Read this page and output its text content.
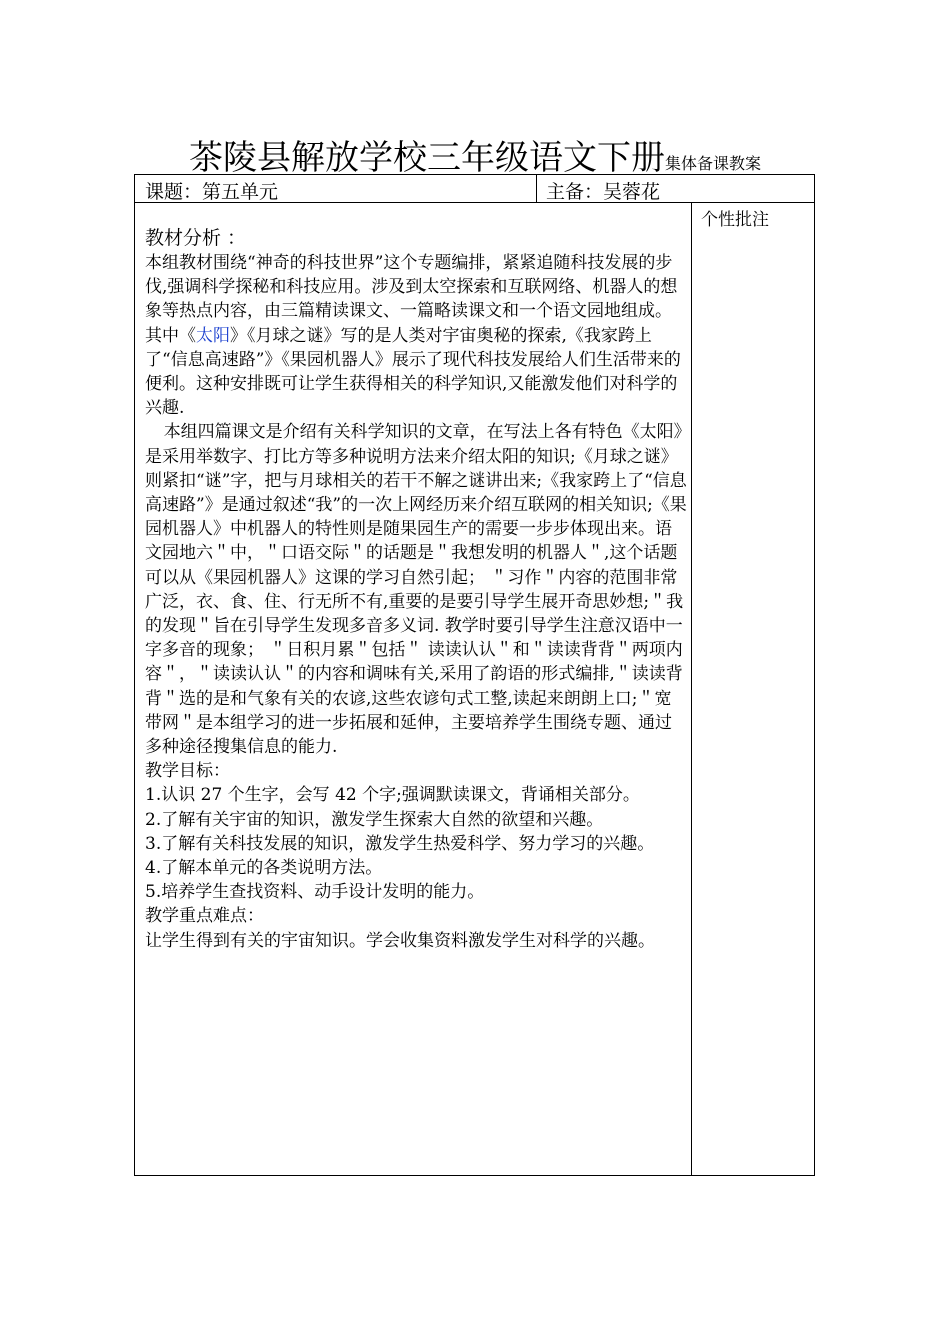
茶陵县解放学校三年级语文下册集体备课教案
课题：第五单元	主备：吴蓉花
个性批注

教材分析 ：

本组教材围绕“神奇的科技世界”这个专题编排，紧紧追随科技发展的步伐,强调科学探秘和科技应用。涉及到太空探索和互联网络、机器人的想象等热点内容，由三篇精读课文、一篇略读课文和一个语文园地组成。其中《太阳》《月球之谜》写的是人类对宇宙奥秘的探索,《我家跨上了“信息高速路”》《果园机器人》展示了现代科技发展给人们生活带来的便利。这种安排既可让学生获得相关的科学知识,又能激发他们对科学的兴趣.

本组四篇课文是介绍有关科学知识的文章，在写法上各有特色《太阳》是采用举数字、打比方等多种说明方法来介绍太阳的知识;《月球之谜》则紧扣“谜”字，把与月球相关的若干不解之谜讲出来;《我家跨上了“信息高速路”》是通过叙述“我”的一次上网经历来介绍互联网的相关知识;《果园机器人》中机器人的特性则是随果园生产的需要一步步体现出来。语文园地六＂中，＂口语交际＂的话题是＂我想发明的机器人＂,这个话题可以从《果园机器人》这课的学习自然引起； ＂习作＂内容的范围非常广泛，衣、食、住、行无所不有,重要的是要引导学生展开奇思妙想;＂我的发现＂旨在引导学生发现多音多义词. 教学时要引导学生注意汉语中一字多音的现象； ＂日积月累＂包括＂ 读读认认＂和＂读读背背＂两项内容＂，＂读读认认＂的内容和调味有关,采用了韵语的形式编排,＂读读背背＂选的是和气象有关的农谚,这些农谚句式工整,读起来朗朗上口;＂宽带网＂是本组学习的进一步拓展和延伸，主要培养学生围绕专题、通过多种途径搜集信息的能力.

教学目标：

1.认识 27 个生字，会写 42 个字;强调默读课文，背诵相关部分。

2.了解有关宇宙的知识，激发学生探索大自然的欲望和兴趣。

3.了解有关科技发展的知识，激发学生热爱科学、努力学习的兴趣。

4.了解本单元的各类说明方法。

5.培养学生查找资料、动手设计发明的能力。

教学重点难点：

让学生得到有关的宇宙知识。学会收集资料激发学生对科学的兴趣。
